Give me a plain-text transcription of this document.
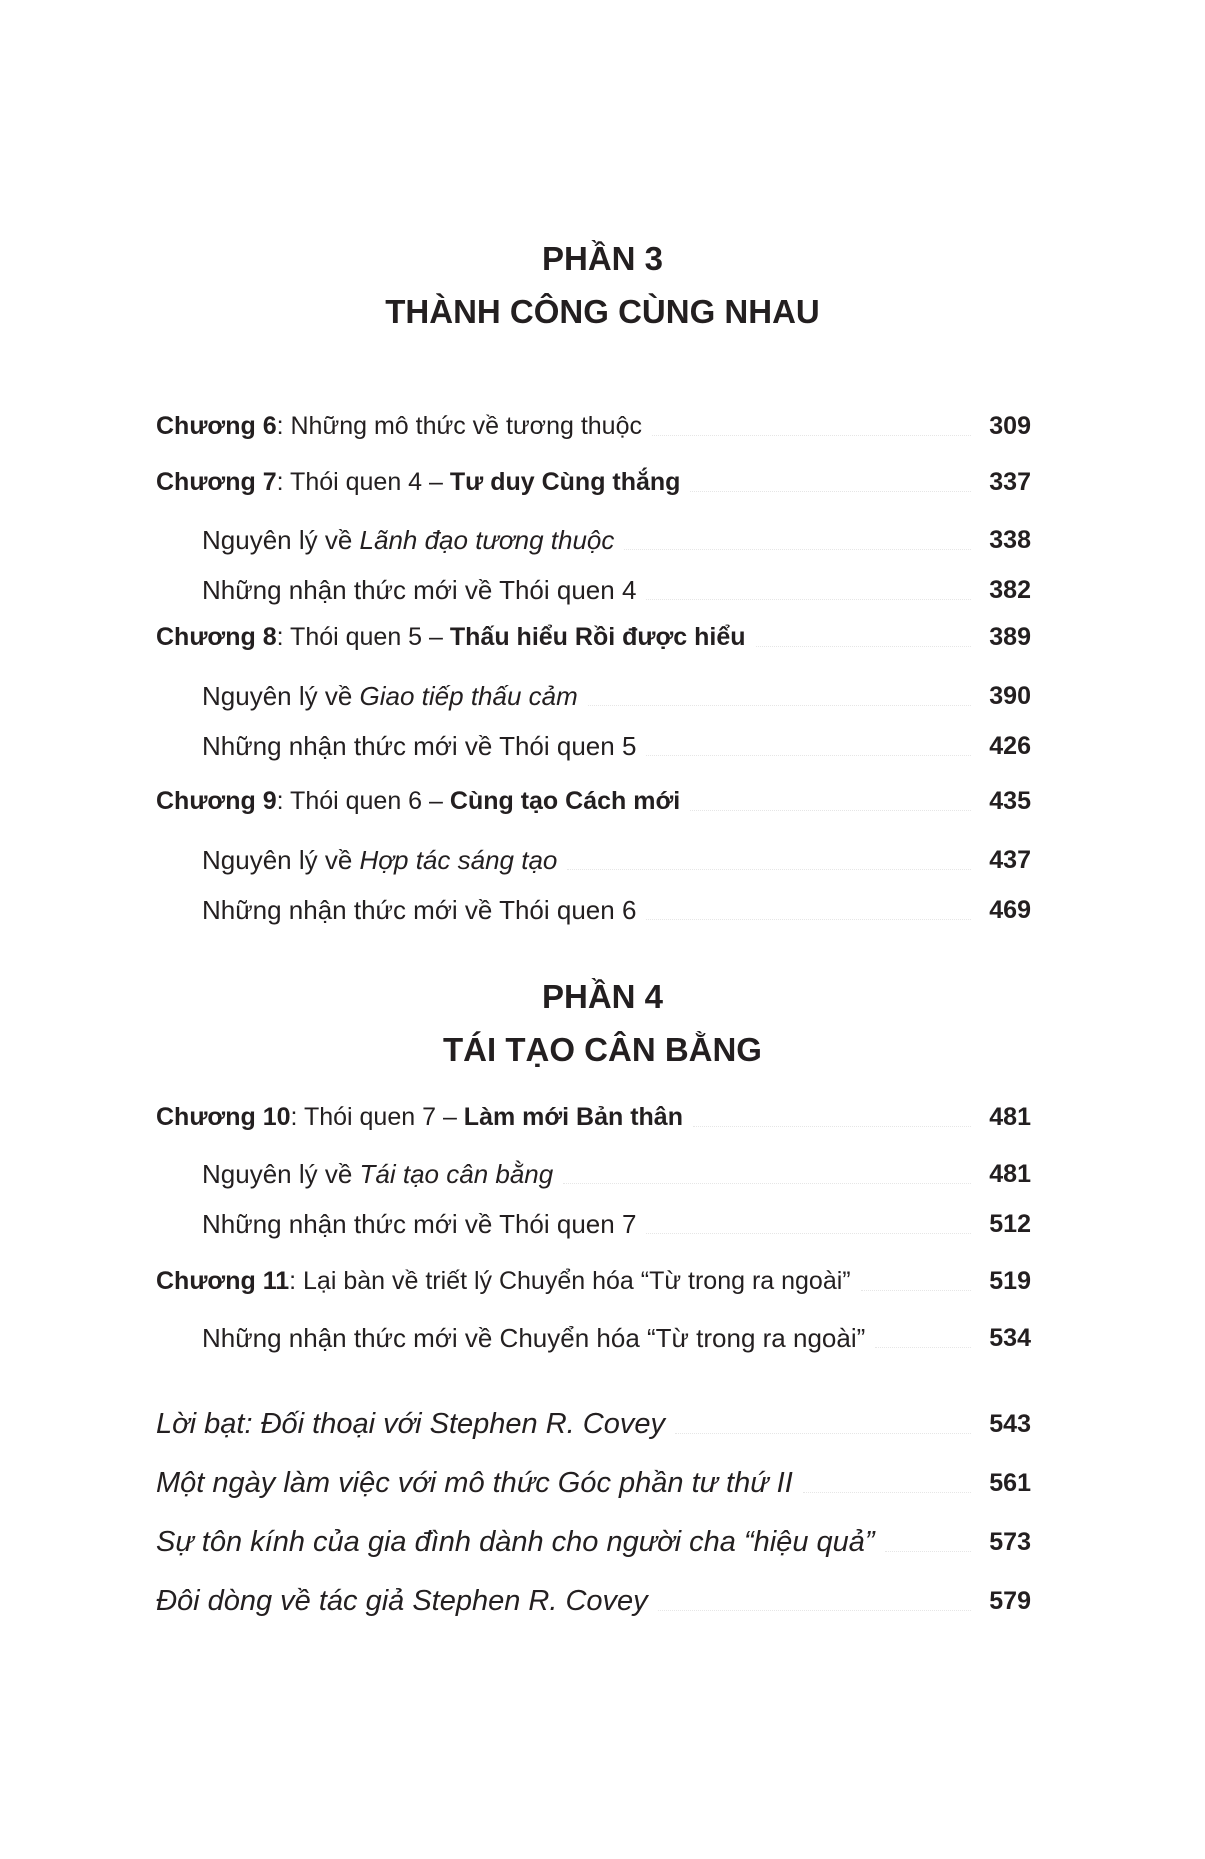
PHẦN 3
THÀNH CÔNG CÙNG NHAU
Chương 6: Những mô thức về tương thuộc	309
Chương 7: Thói quen 4 – Tư duy Cùng thắng	337
Nguyên lý về Lãnh đạo tương thuộc	338
Những nhận thức mới về Thói quen 4	382
Chương 8: Thói quen 5 – Thấu hiểu Rồi được hiểu	389
Nguyên lý về Giao tiếp thấu cảm	390
Những nhận thức mới về Thói quen 5	426
Chương 9: Thói quen 6 – Cùng tạo Cách mới	435
Nguyên lý về Hợp tác sáng tạo	437
Những nhận thức mới về Thói quen 6	469
PHẦN 4
TÁI TẠO CÂN BẰNG
Chương 10: Thói quen 7 – Làm mới Bản thân	481
Nguyên lý về Tái tạo cân bằng	481
Những nhận thức mới về Thói quen 7	512
Chương 11: Lại bàn về triết lý Chuyển hóa “Từ trong ra ngoài”	519
Những nhận thức mới về Chuyển hóa “Từ trong ra ngoài”	534
Lời bạt: Đối thoại với Stephen R. Covey	543
Một ngày làm việc với mô thức Góc phần tư thứ II	561
Sự tôn kính của gia đình dành cho người cha “hiệu quả”	573
Đôi dòng về tác giả Stephen R. Covey	579
